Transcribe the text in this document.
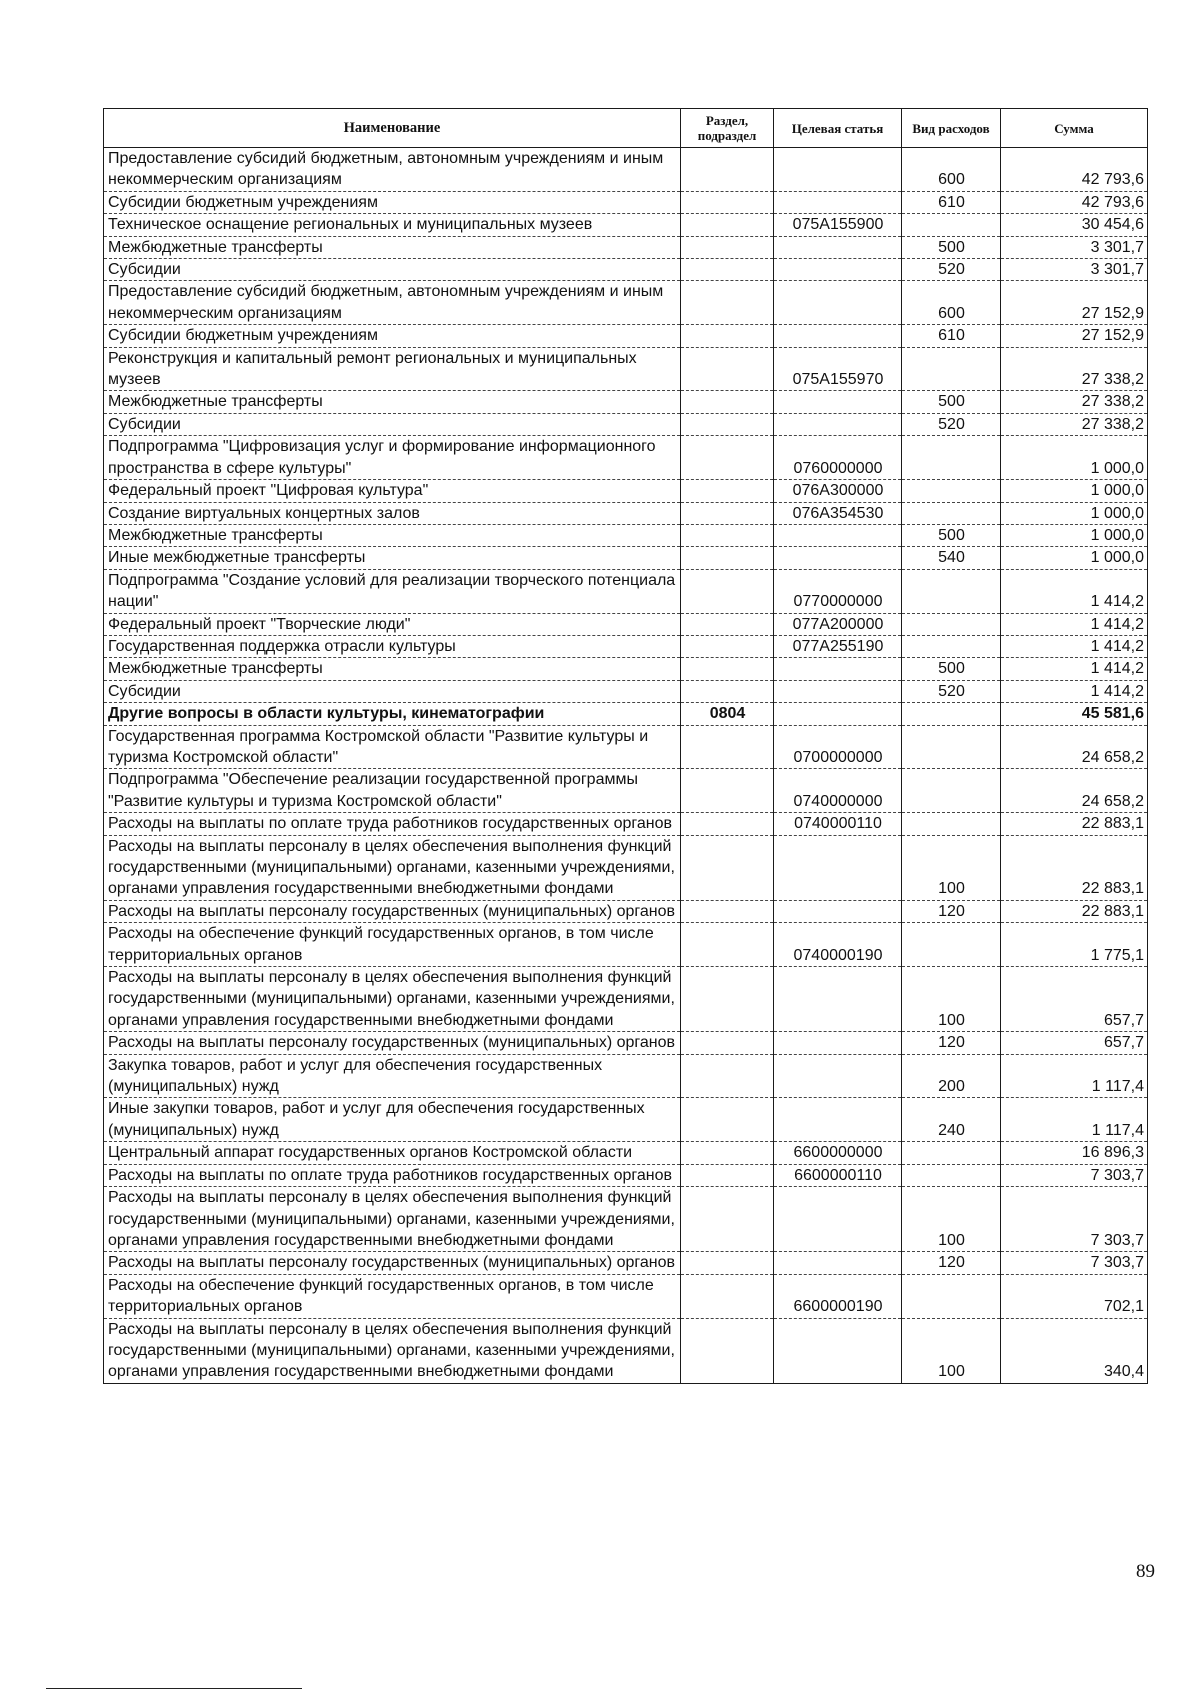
Наименование	Раздел, подраздел	Целевая статья	Вид расходов	Сумма
Предоставление субсидий бюджетным, автономным учреждениям и иным некоммерческим организациям			600	42 793,6
Субсидии бюджетным учреждениям			610	42 793,6
Техническое оснащение региональных и муниципальных музеев		075A155900		30 454,6
Межбюджетные трансферты			500	3 301,7
Субсидии			520	3 301,7
Предоставление субсидий бюджетным, автономным учреждениям и иным некоммерческим организациям			600	27 152,9
Субсидии бюджетным учреждениям			610	27 152,9
Реконструкция и капитальный ремонт региональных и муниципальных музеев		075A155970		27 338,2
Межбюджетные трансферты			500	27 338,2
Субсидии			520	27 338,2
Подпрограмма "Цифровизация услуг и формирование информационного пространства в сфере культуры"		0760000000		1 000,0
Федеральный проект "Цифровая культура"		076A300000		1 000,0
Создание виртуальных концертных залов		076A354530		1 000,0
Межбюджетные трансферты			500	1 000,0
Иные межбюджетные трансферты			540	1 000,0
Подпрограмма "Создание условий для реализации творческого потенциала нации"		0770000000		1 414,2
Федеральный проект "Творческие люди"		077A200000		1 414,2
Государственная поддержка отрасли культуры		077A255190		1 414,2
Межбюджетные трансферты			500	1 414,2
Субсидии			520	1 414,2
Другие вопросы в области культуры, кинематографии	0804			45 581,6
Государственная программа Костромской области "Развитие культуры и туризма Костромской области"		0700000000		24 658,2
Подпрограмма "Обеспечение реализации государственной программы "Развитие культуры и туризма Костромской области"		0740000000		24 658,2
Расходы на выплаты по оплате труда работников государственных органов		0740000110		22 883,1
Расходы на выплаты персоналу в целях обеспечения выполнения функций государственными (муниципальными) органами, казенными учреждениями, органами управления государственными внебюджетными фондами			100	22 883,1
Расходы на выплаты персоналу государственных (муниципальных) органов			120	22 883,1
Расходы на обеспечение функций государственных органов, в том числе территориальных органов		0740000190		1 775,1
Расходы на выплаты персоналу в целях обеспечения выполнения функций государственными (муниципальными) органами, казенными учреждениями, органами управления государственными внебюджетными фондами			100	657,7
Расходы на выплаты персоналу государственных (муниципальных) органов			120	657,7
Закупка товаров, работ и услуг для обеспечения государственных (муниципальных) нужд			200	1 117,4
Иные закупки товаров, работ и услуг для обеспечения государственных (муниципальных) нужд			240	1 117,4
Центральный аппарат государственных органов Костромской области		6600000000		16 896,3
Расходы на выплаты по оплате труда работников государственных органов		6600000110		7 303,7
Расходы на выплаты персоналу в целях обеспечения выполнения функций государственными (муниципальными) органами, казенными учреждениями, органами управления государственными внебюджетными фондами			100	7 303,7
Расходы на выплаты персоналу государственных (муниципальных) органов			120	7 303,7
Расходы на обеспечение функций государственных органов, в том числе территориальных органов		6600000190		702,1
Расходы на выплаты персоналу в целях обеспечения выполнения функций государственными (муниципальными) органами, казенными учреждениями, органами управления государственными внебюджетными фондами			100	340,4
89
